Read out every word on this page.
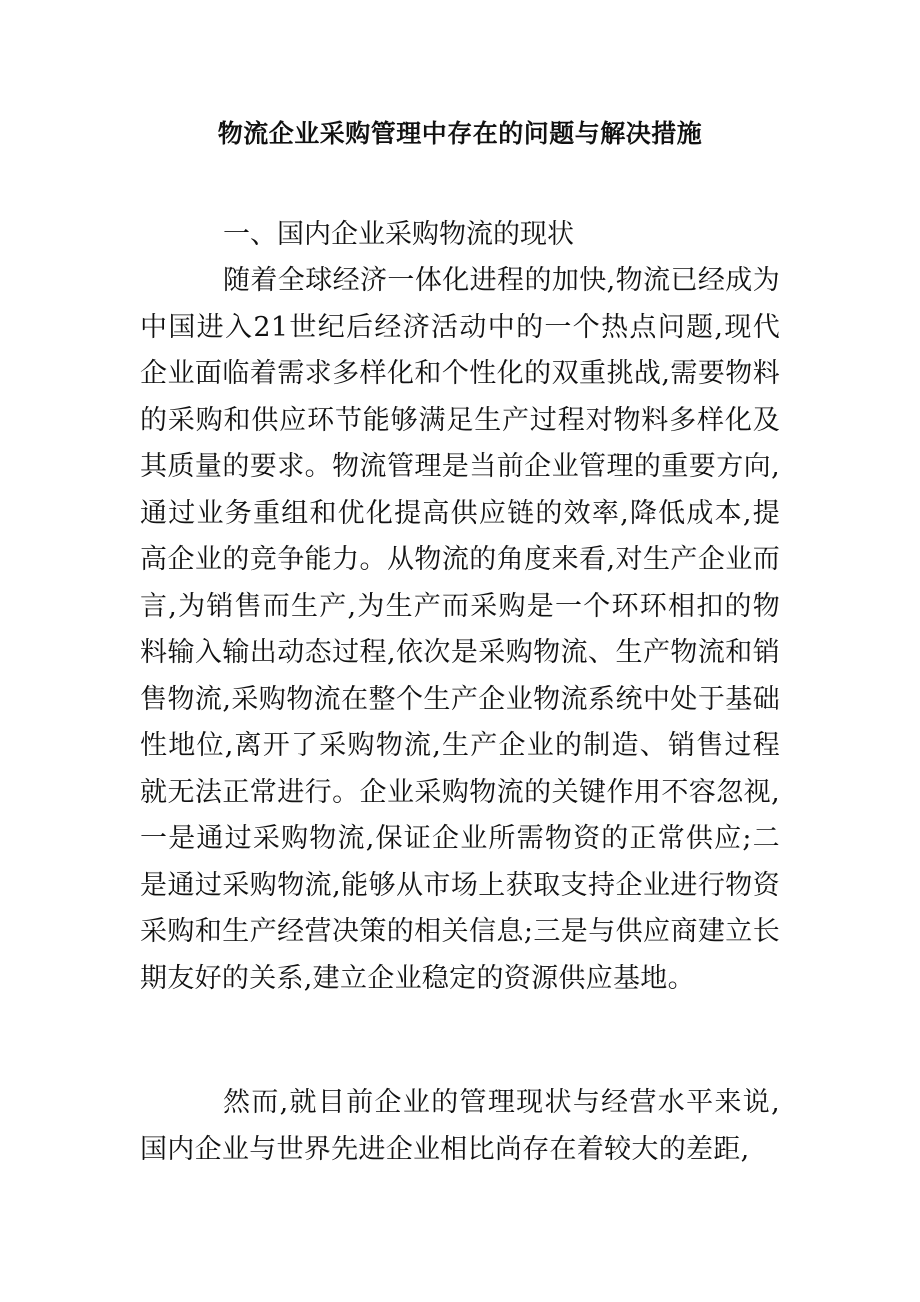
物流企业采购管理中存在的问题与解决措施
一、国内企业采购物流的现状

随着全球经济一体化进程的加快,物流已经成为中国进入21世纪后经济活动中的一个热点问题,现代企业面临着需求多样化和个性化的双重挑战,需要物料的采购和供应环节能够满足生产过程对物料多样化及其质量的要求。物流管理是当前企业管理的重要方向,通过业务重组和优化提高供应链的效率,降低成本,提高企业的竞争能力。从物流的角度来看,对生产企业而言,为销售而生产,为生产而采购是一个环环相扣的物料输入输出动态过程,依次是采购物流、生产物流和销售物流,采购物流在整个生产企业物流系统中处于基础性地位,离开了采购物流,生产企业的制造、销售过程就无法正常进行。企业采购物流的关键作用不容忽视,一是通过采购物流,保证企业所需物资的正常供应;二是通过采购物流,能够从市场上获取支持企业进行物资采购和生产经营决策的相关信息;三是与供应商建立长期友好的关系,建立企业稳定的资源供应基地。

然而,就目前企业的管理现状与经营水平来说,国内企业与世界先进企业相比尚存在着较大的差距,
